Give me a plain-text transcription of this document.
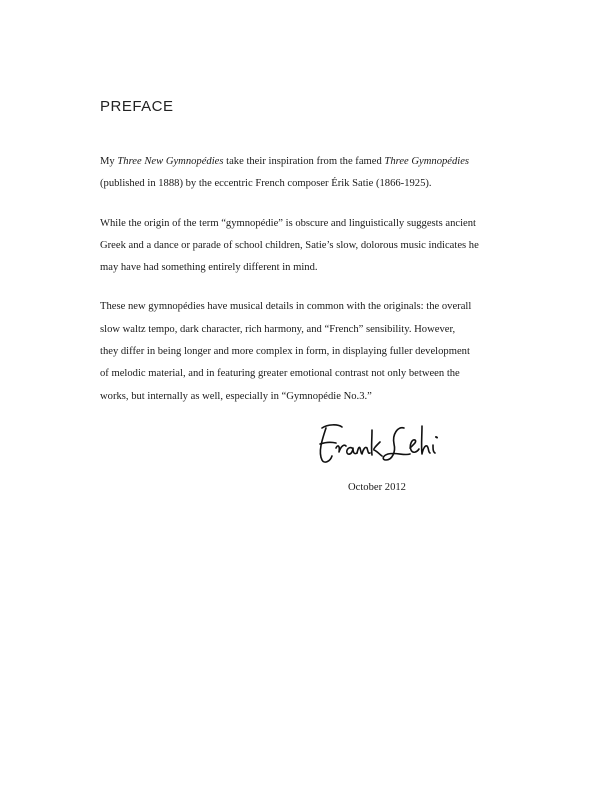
PREFACE

My Three New Gymnopédies take their inspiration from the famed Three Gymnopédies
(published in 1888) by the eccentric French composer Érik Satie (1866-1925).

While the origin of the term “gymnopédie” is obscure and linguistically suggests ancient
Greek and a dance or parade of school children, Satie’s slow, dolorous music indicates he
may have had something entirely different in mind.

These new gymnopédies have musical details in common with the originals: the overall
slow waltz tempo, dark character, rich harmony, and “French” sensibility. However,
they differ in being longer and more complex in form, in displaying fuller development
of melodic material, and in featuring greater emotional contrast not only between the
works, but internally as well, especially in “Gymnopédie No.3.”

October 2012
